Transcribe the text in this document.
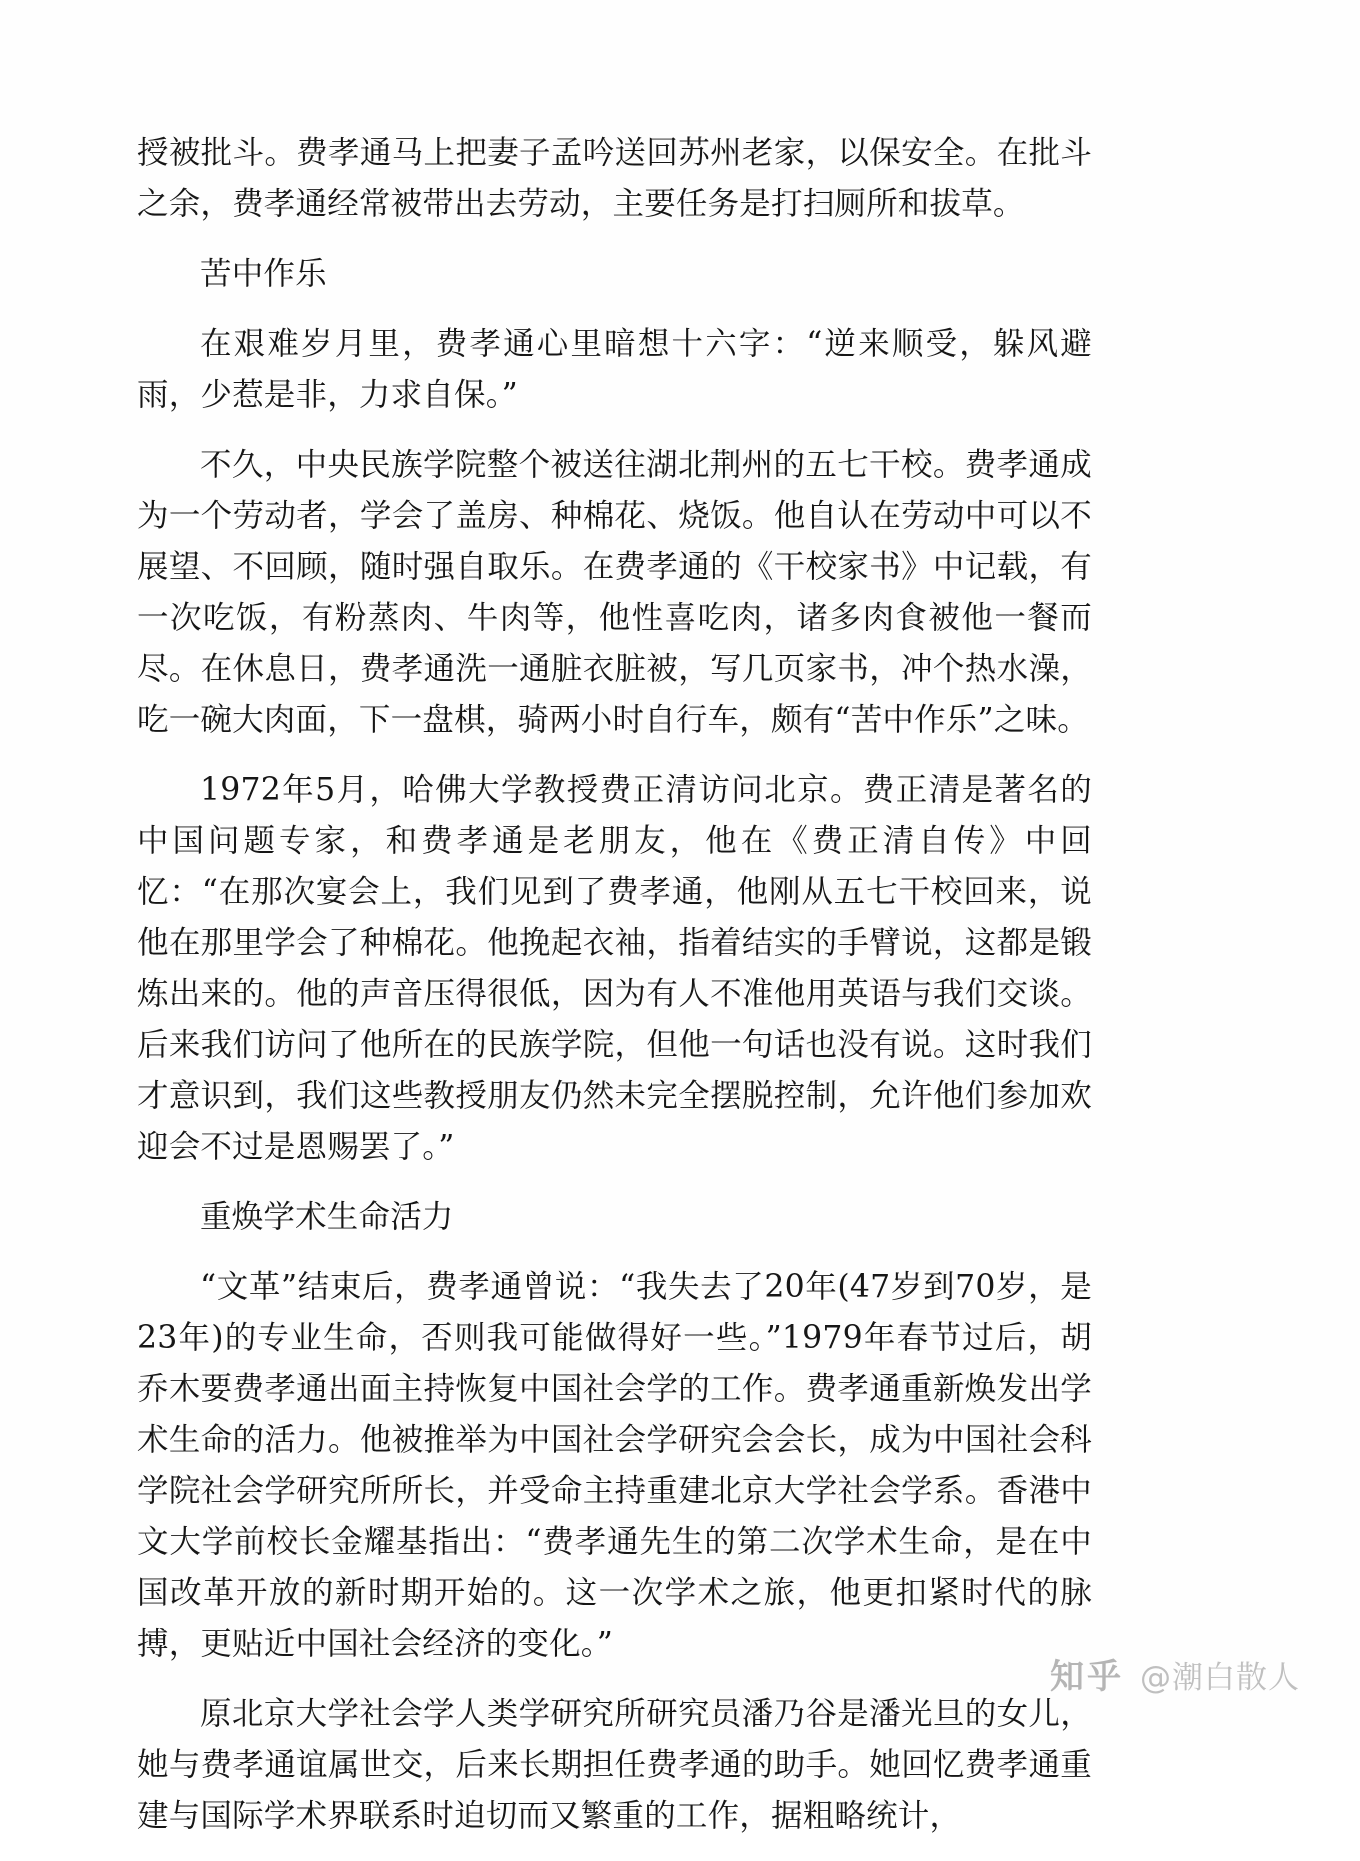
授被批斗。费孝通马上把妻子孟吟送回苏州老家，以保安全。在批斗之余，费孝通经常被带出去劳动，主要任务是打扫厕所和拔草。

苦中作乐

在艰难岁月里，费孝通心里暗想十六字：“逆来顺受，躲风避雨，少惹是非，力求自保。”

不久，中央民族学院整个被送往湖北荆州的五七干校。费孝通成为一个劳动者，学会了盖房、种棉花、烧饭。他自认在劳动中可以不展望、不回顾，随时强自取乐。在费孝通的《干校家书》中记载，有一次吃饭，有粉蒸肉、牛肉等，他性喜吃肉，诸多肉食被他一餐而尽。在休息日，费孝通洗一通脏衣脏被，写几页家书，冲个热水澡，吃一碗大肉面，下一盘棋，骑两小时自行车，颇有“苦中作乐”之味。

1972年5月，哈佛大学教授费正清访问北京。费正清是著名的中国问题专家，和费孝通是老朋友，他在《费正清自传》中回忆：“在那次宴会上，我们见到了费孝通，他刚从五七干校回来，说他在那里学会了种棉花。他挽起衣袖，指着结实的手臂说，这都是锻炼出来的。他的声音压得很低，因为有人不准他用英语与我们交谈。后来我们访问了他所在的民族学院，但他一句话也没有说。这时我们才意识到，我们这些教授朋友仍然未完全摆脱控制，允许他们参加欢迎会不过是恩赐罢了。”

重焕学术生命活力

“文革”结束后，费孝通曾说：“我失去了20年(47岁到70岁，是23年)的专业生命，否则我可能做得好一些。”1979年春节过后，胡乔木要费孝通出面主持恢复中国社会学的工作。费孝通重新焕发出学术生命的活力。他被推举为中国社会学研究会会长，成为中国社会科学院社会学研究所所长，并受命主持重建北京大学社会学系。香港中文大学前校长金耀基指出：“费孝通先生的第二次学术生命，是在中国改革开放的新时期开始的。这一次学术之旅，他更扣紧时代的脉搏，更贴近中国社会经济的变化。”

原北京大学社会学人类学研究所研究员潘乃谷是潘光旦的女儿，她与费孝通谊属世交，后来长期担任费孝通的助手。她回忆费孝通重建与国际学术界联系时迫切而又繁重的工作，据粗略统计，

知乎 @潮白散人
